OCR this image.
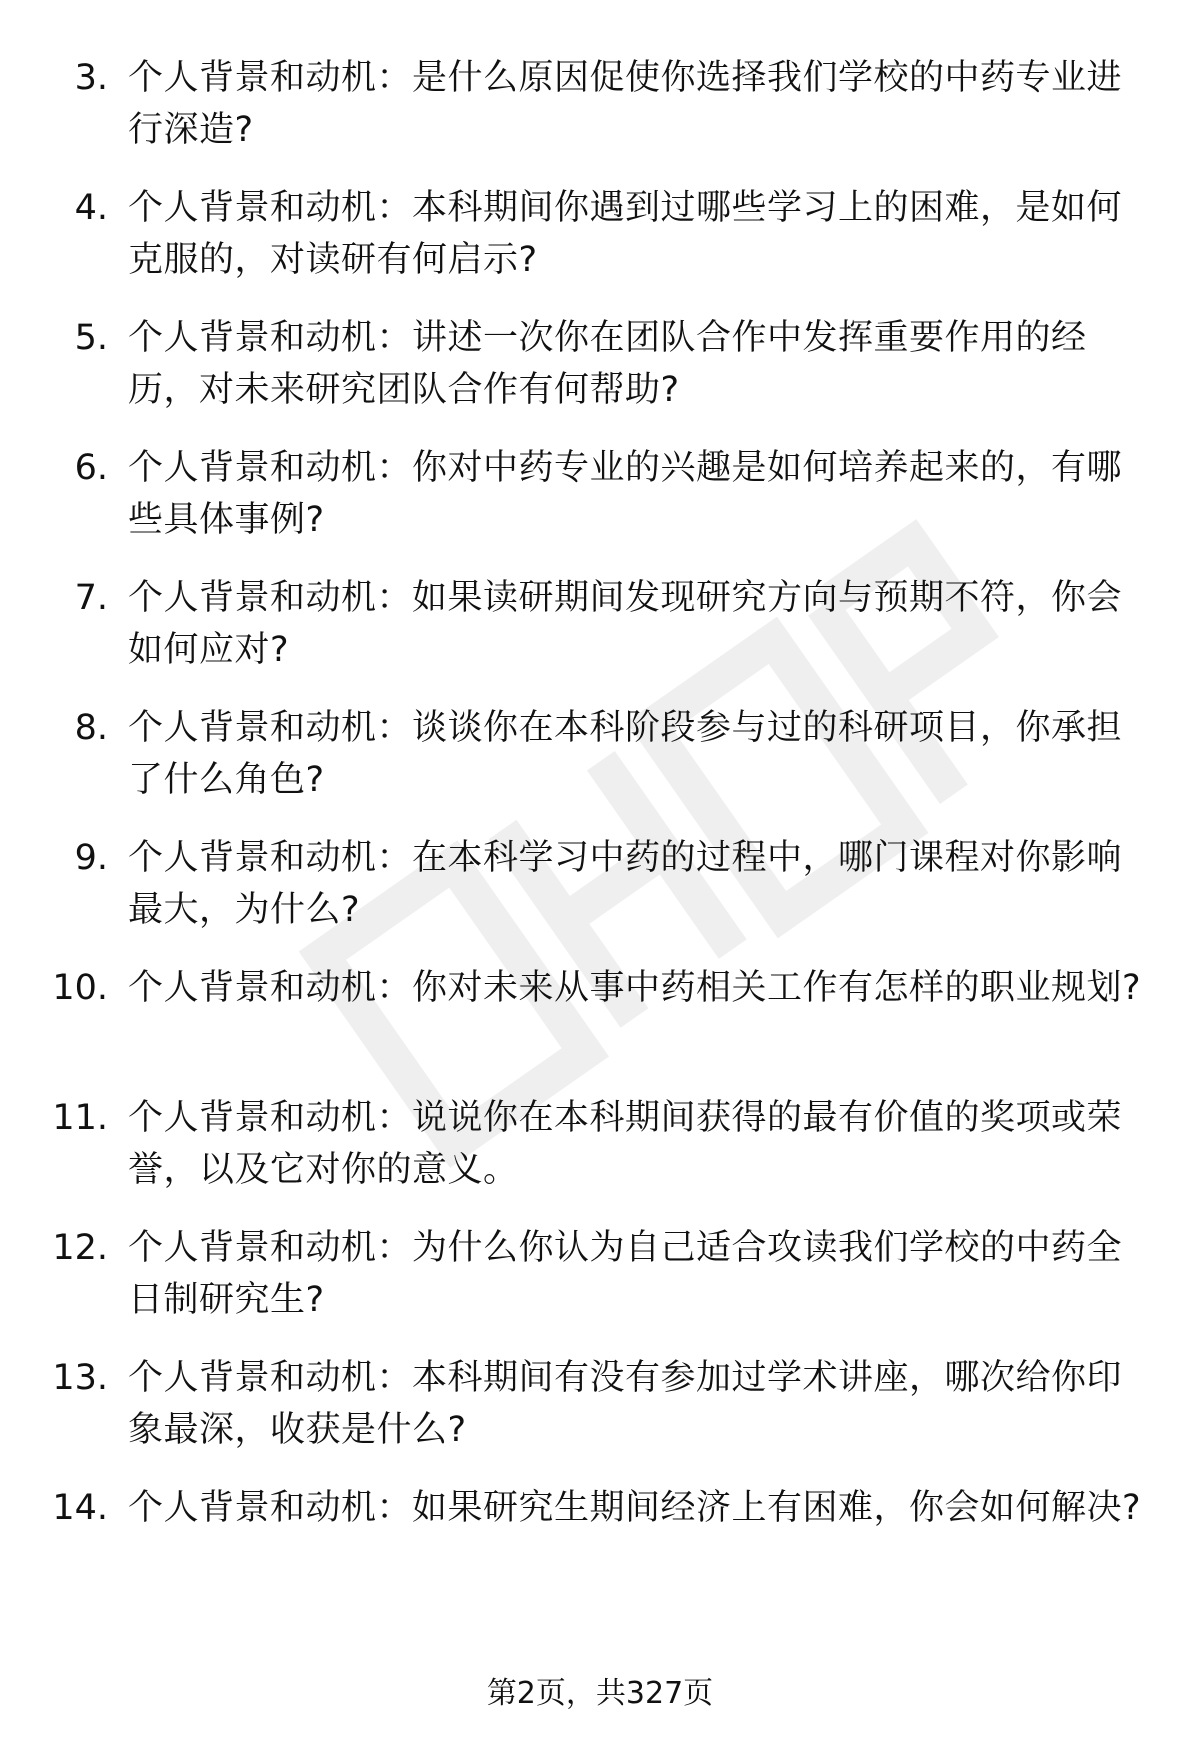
3. 个人背景和动机：是什么原因促使你选择我们学校的中药专业进行深造?
4. 个人背景和动机：本科期间你遇到过哪些学习上的困难，是如何克服的，对读研有何启示?
5. 个人背景和动机：讲述一次你在团队合作中发挥重要作用的经历，对未来研究团队合作有何帮助?
6. 个人背景和动机：你对中药专业的兴趣是如何培养起来的，有哪些具体事例?
7. 个人背景和动机：如果读研期间发现研究方向与预期不符，你会如何应对?
8. 个人背景和动机：谈谈你在本科阶段参与过的科研项目，你承担了什么角色?
9. 个人背景和动机：在本科学习中药的过程中，哪门课程对你影响最大，为什么?
10. 个人背景和动机：你对未来从事中药相关工作有怎样的职业规划?
11. 个人背景和动机：说说你在本科期间获得的最有价值的奖项或荣誉，以及它对你的意义。
12. 个人背景和动机：为什么你认为自己适合攻读我们学校的中药全日制研究生?
13. 个人背景和动机：本科期间有没有参加过学术讲座，哪次给你印象最深，收获是什么?
14. 个人背景和动机：如果研究生期间经济上有困难，你会如何解决?
第2页，共327页
